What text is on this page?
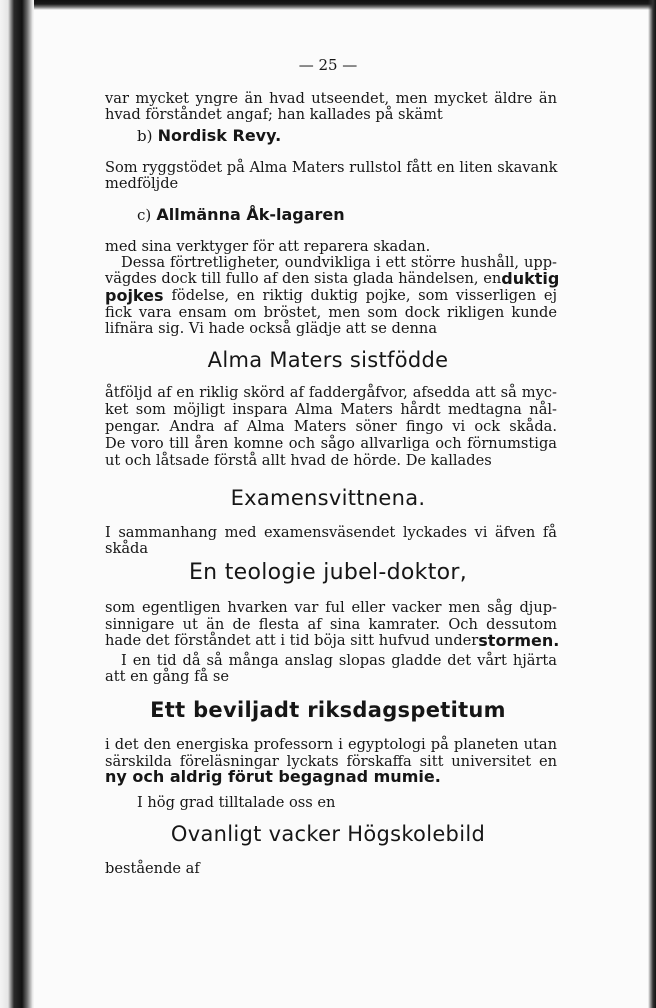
— 25 —
var mycket yngre än hvad utseendet, men mycket äldre än
hvad förståndet angaf; han kallades på skämt
b) Nordisk Revy.
Som ryggstödet på Alma Maters rullstol fått en liten skavank
medföljde
c) Allmänna Åk-lagaren
med sina verktyger för att reparera skadan.
Dessa förtretligheter, oundvikliga i ett större hushåll, upp-
vägdes dock till fullo af den sista glada händelsen, en duktig
pojkes födelse, en riktig duktig pojke, som visserligen ej
fick vara ensam om bröstet, men som dock rikligen kunde
lifnära sig. Vi hade också glädje att se denna
Alma Maters sistfödde
åtföljd af en riklig skörd af faddergåfvor, afsedda att så myc-
ket som möjligt inspara Alma Maters hårdt medtagna nål-
pengar. Andra af Alma Maters söner fingo vi ock skåda.
De voro till åren komne och sågo allvarliga och förnumstiga
ut och låtsade förstå allt hvad de hörde. De kallades
Examensvittnena.
I sammanhang med examensväsendet lyckades vi äfven få
skåda
En teologie jubel-doktor,
som egentligen hvarken var ful eller vacker men såg djup-
sinnigare ut än de flesta af sina kamrater. Och dessutom
hade det förståndet att i tid böja sitt hufvud under stormen.
I en tid då så många anslag slopas gladde det vårt hjärta
att en gång få se
Ett beviljadt riksdagspetitum
i det den energiska professorn i egyptologi på planeten utan
särskilda föreläsningar lyckats förskaffa sitt universitet en
ny och aldrig förut begagnad mumie.
I hög grad tilltalade oss en
Ovanligt vacker Högskolebild
bestående af
